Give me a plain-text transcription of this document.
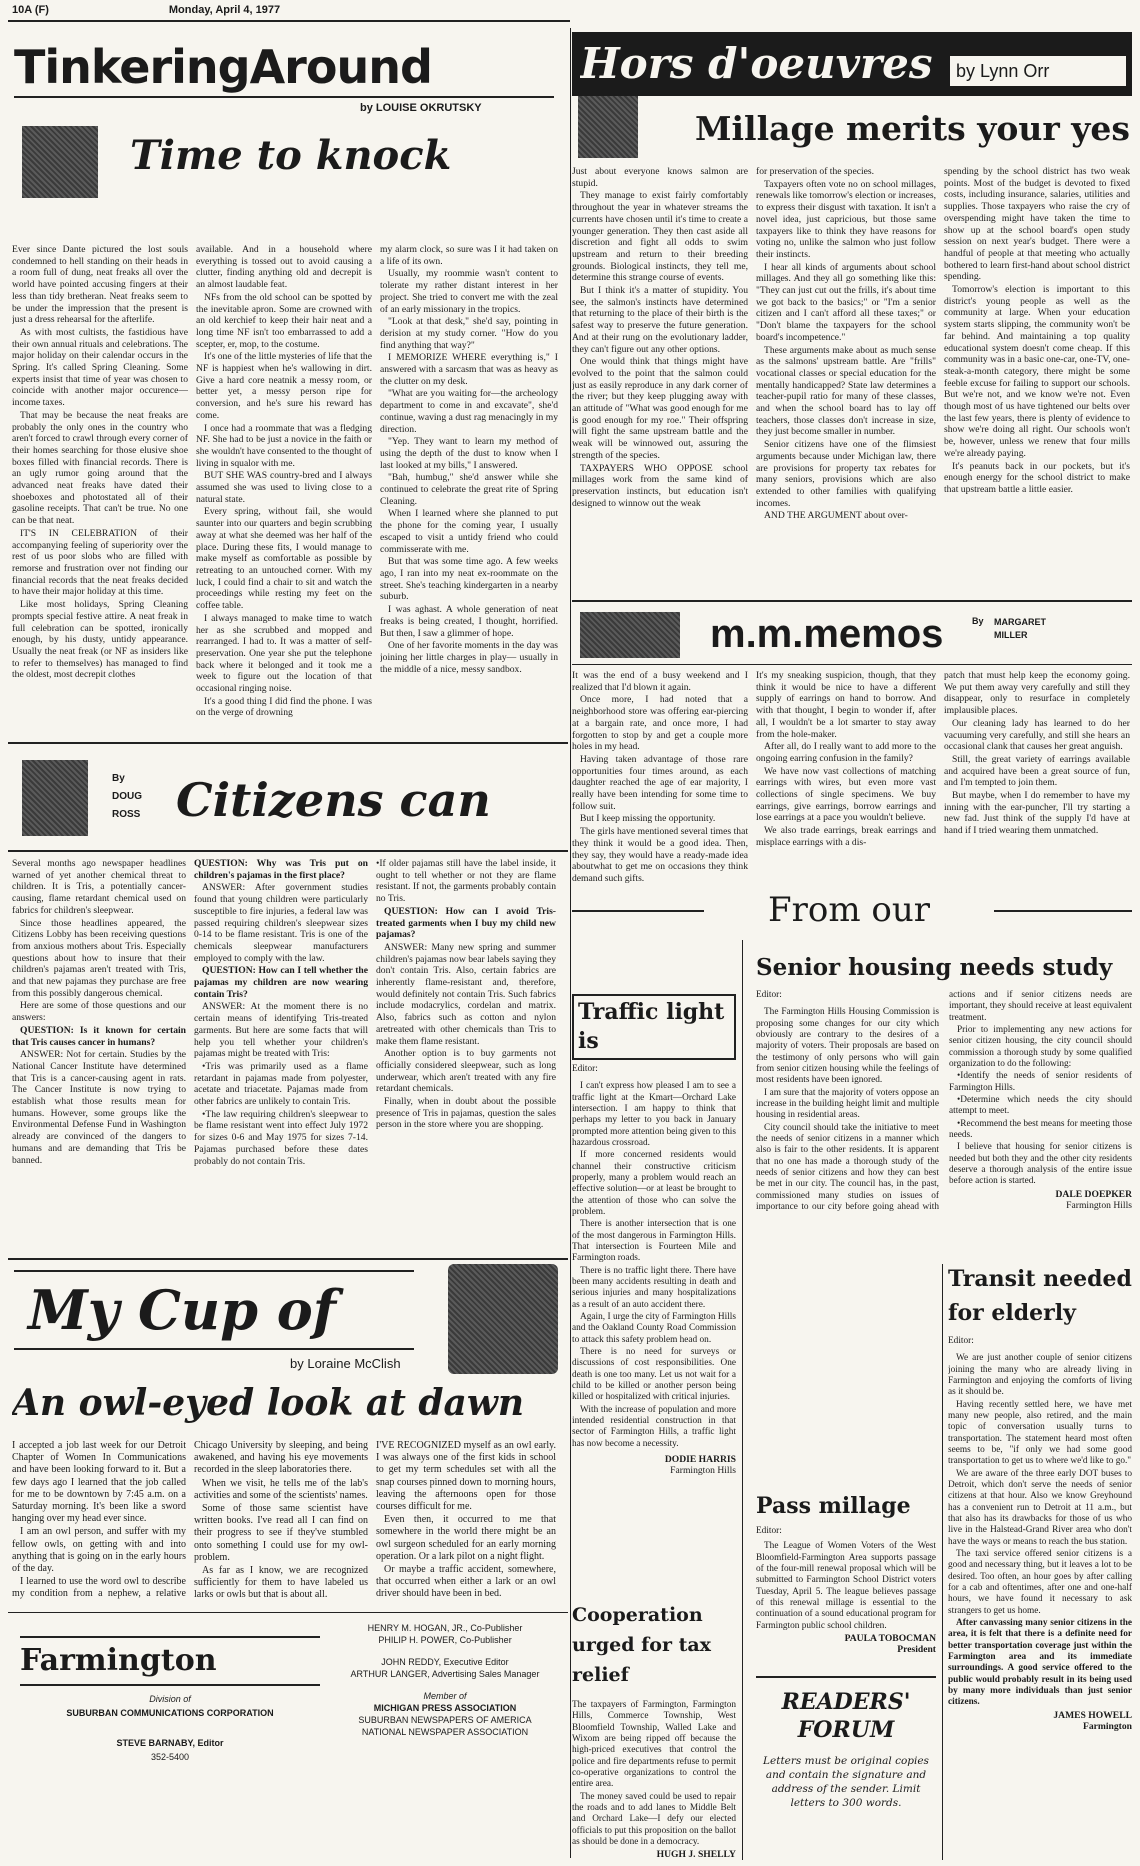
10A (F)	Monday, April 4, 1977
TinkeringAround
by LOUISE OKRUTSKY
Time to knock

Ever since Dante pictured the lost souls condemned to hell standing on their heads in a room full of dung, neat freaks all over the world have pointed accusing fingers at their less than tidy bretheran. Neat freaks seem to be under the impression that the present is just a dress rehearsal for the afterlife.

As with most cultists, the fastidious have their own annual rituals and celebrations. The major holiday on their calendar occurs in the Spring. It's called Spring Cleaning. Some experts insist that time of year was chosen to coincide with another major occurence—income taxes.

That may be because the neat freaks are probably the only ones in the country who aren't forced to crawl through every corner of their homes searching for those elusive shoe boxes filled with financial records. There is an ugly rumor going around that the advanced neat freaks have dated their shoeboxes and photostated all of their gasoline receipts. That can't be true. No one can be that neat.

IT'S IN CELEBRATION of their accompanying feeling of superiority over the rest of us poor slobs who are filled with remorse and frustration over not finding our financial records that the neat freaks decided to have their major holiday at this time.

Like most holidays, Spring Cleaning prompts special festive attire. A neat freak in full celebration can be spotted, ironically enough, by his dusty, untidy appearance. Usually the neat freak (or NF as insiders like to refer to themselves) has managed to find the oldest, most decrepit clothes

available. And in a household where everything is tossed out to avoid causing a clutter, finding anything old and decrepit is an almost laudable feat.

NFs from the old school can be spotted by the inevitable apron. Some are crowned with an old kerchief to keep their hair neat and a long time NF isn't too embarrassed to add a scepter, er, mop, to the costume.

It's one of the little mysteries of life that the NF is happiest when he's wallowing in dirt. Give a hard core neatnik a messy room, or better yet, a messy person ripe for conversion, and he's sure his reward has come.

I once had a roommate that was a fledging NF. She had to be just a novice in the faith or she wouldn't have consented to the thought of living in squalor with me.

BUT SHE WAS country-bred and I always assumed she was used to living close to a natural state.

Every spring, without fail, she would saunter into our quarters and begin scrubbing away at what she deemed was her half of the place. During these fits, I would manage to make myself as comfortable as possible by retreating to an untouched corner. With my luck, I could find a chair to sit and watch the proceedings while resting my feet on the coffee table.

I always managed to make time to watch her as she scrubbed and mopped and rearranged. I had to. It was a matter of self-preservation. One year she put the telephone back where it belonged and it took me a week to figure out the location of that occasional ringing noise.

It's a good thing I did find the phone. I was on the verge of drowning

my alarm clock, so sure was I it had taken on a life of its own.

Usually, my roommie wasn't content to tolerate my rather distant interest in her project. She tried to convert me with the zeal of an early missionary in the tropics.

"Look at that desk," she'd say, pointing in derision at my study corner. "How do you find anything that way?"

I MEMORIZE WHERE everything is," I answered with a sarcasm that was as heavy as the clutter on my desk.

"What are you waiting for—the archeology department to come in and excavate", she'd continue, waving a dust rag menacingly in my direction.

"Yep. They want to learn my method of using the depth of the dust to know when I last looked at my bills," I answered.

"Bah, humbug," she'd answer while she continued to celebrate the great rite of Spring Cleaning.

When I learned where she planned to put the phone for the coming year, I usually escaped to visit a untidy friend who could commisserate with me.

But that was some time ago. A few weeks ago, I ran into my neat ex-roommate on the street. She's teaching kindergarten in a nearby suburb.

I was aghast. A whole generation of neat freaks is being created, I thought, horrified. But then, I saw a glimmer of hope.

One of her favorite moments in the day was joining her little charges in play— usually in the middle of a nice, messy sandbox.

By
DOUG
ROSS Citizens can

Several months ago newspaper headlines warned of yet another chemical threat to children. It is Tris, a potentially cancer-causing, flame retardant chemical used on fabrics for children's sleepwear.

Since those headlines appeared, the Citizens Lobby has been receiving questions from anxious mothers about Tris. Especially questions about how to insure that their children's pajamas aren't treated with Tris, and that new pajamas they purchase are free from this possibly dangerous chemical.

Here are some of those questions and our answers:

QUESTION: Is it known for certain that Tris causes cancer in humans?

ANSWER: Not for certain. Studies by the National Cancer Institute have determined that Tris is a cancer-causing agent in rats. The Cancer Institute is now trying to establish what those results mean for humans. However, some groups like the Environmental Defense Fund in Washington already are convinced of the dangers to humans and are demanding that Tris be banned.

QUESTION: Why was Tris put on children's pajamas in the first place?

ANSWER: After government studies found that young children were particularly susceptible to fire injuries, a federal law was passed requiring children's sleepwear sizes 0-14 to be flame resistant. Tris is one of the chemicals sleepwear manufacturers employed to comply with the law.

QUESTION: How can I tell whether the pajamas my children are now wearing contain Tris?

ANSWER: At the moment there is no certain means of identifying Tris-treated garments. But here are some facts that will help you tell whether your children's pajamas might be treated with Tris:

•Tris was primarily used as a flame retardant in pajamas made from polyester, acetate and triacetate. Pajamas made from other fabrics are unlikely to contain Tris.

•The law requiring children's sleepwear to be flame resistant went into effect July 1972 for sizes 0-6 and May 1975 for sizes 7-14. Pajamas purchased before these dates probably do not contain Tris.

•If older pajamas still have the label inside, it ought to tell whether or not they are flame resistant. If not, the garments probably contain no Tris.

QUESTION: How can I avoid Tris-treated garments when I buy my child new pajamas?

ANSWER: Many new spring and summer children's pajamas now bear labels saying they don't contain Tris. Also, certain fabrics are inherently flame-resistant and, therefore, would definitely not contain Tris. Such fabrics include modacrylics, cordelan and matrix. Also, fabrics such as cotton and nylon aretreated with other chemicals than Tris to make them flame resistant.

Another option is to buy garments not officially considered sleepwear, such as long underwear, which aren't treated with any fire retardant chemicals.

Finally, when in doubt about the possible presence of Tris in pajamas, question the sales person in the store where you are shopping.

My Cup of
by Loraine McClish
An owl-eyed look at dawn

I accepted a job last week for our Detroit Chapter of Women In Communications and have been looking forward to it. But a few days ago I learned that the job called for me to be downtown by 7:45 a.m. on a Saturday morning. It's been like a sword hanging over my head ever since.

I am an owl person, and suffer with my fellow owls, on getting with and into anything that is going on in the early hours of the day.

I learned to use the word owl to describe my condition from a nephew, a relative

Chicago University by sleeping, and being awakened, and having his eye movements recorded in the sleep laboratories there.

When we visit, he tells me of the lab's activities and some of the scientists' names.

Some of those same scientist have written books. I've read all I can find on their progress to see if they've stumbled onto something I could use for my owl-problem.

As far as I know, we are recognized sufficiently for them to have labeled us larks or owls but that is about all.

I'VE RECOGNIZED myself as an owl early. I was always one of the first kids in school to get my term schedules set with all the snap courses pinned down to morning hours, leaving the afternoons open for those courses difficult for me.

Even then, it occurred to me that somewhere in the world there might be an owl surgeon scheduled for an early morning operation. Or a lark pilot on a night flight.

Or maybe a traffic accident, somewhere, that occurred when either a lark or an owl driver should have been in bed.

Farmington
Division of
SUBURBAN COMMUNICATIONS CORPORATION
STEVE BARNABY, Editor
352-5400
HENRY M. HOGAN, JR., Co-Publisher
PHILIP H. POWER, Co-Publisher
JOHN REDDY, Executive Editor
ARTHUR LANGER, Advertising Sales Manager
Member of
MICHIGAN PRESS ASSOCIATION
SUBURBAN NEWSPAPERS OF AMERICA
NATIONAL NEWSPAPER ASSOCIATION
Hors d'oeuvres	by Lynn Orr
Millage merits your yes

Just about everyone knows salmon are stupid.

They manage to exist fairly comfortably throughout the year in whatever streams the currents have chosen until it's time to create a younger generation. They then cast aside all discretion and fight all odds to swim upstream and return to their breeding grounds. Biological instincts, they tell me, determine this strange course of events.

But I think it's a matter of stupidity. You see, the salmon's instincts have determined that returning to the place of their birth is the safest way to preserve the future generation. And at their rung on the evolutionary ladder, they can't figure out any other options.

One would think that things might have evolved to the point that the salmon could just as easily reproduce in any dark corner of the river; but they keep plugging away with an attitude of "What was good enough for me is good enough for my roe." Their offspring will fight the same upstream battle and the weak will be winnowed out, assuring the strength of the species.

TAXPAYERS WHO OPPOSE school millages work from the same kind of preservation instincts, but education isn't designed to winnow out the weak

for preservation of the species.

Taxpayers often vote no on school millages, renewals like tomorrow's election or increases, to express their disgust with taxation. It isn't a novel idea, just capricious, but those same taxpayers like to think they have reasons for voting no, unlike the salmon who just follow their instincts.

I hear all kinds of arguments about school millages. And they all go something like this: "They can just cut out the frills, it's about time we got back to the basics;" or "I'm a senior citizen and I can't afford all these taxes;" or "Don't blame the taxpayers for the school board's incompetence."

These arguments make about as much sense as the salmons' upstream battle. Are "frills" vocational classes or special education for the mentally handicapped? State law determines a teacher-pupil ratio for many of these classes, and when the school board has to lay off teachers, those classes don't increase in size, they just become smaller in number.

Senior citizens have one of the flimsiest arguments because under Michigan law, there are provisions for property tax rebates for many seniors, provisions which are also extended to other families with qualifying incomes.

AND THE ARGUMENT about over-

spending by the school district has two weak points. Most of the budget is devoted to fixed costs, including insurance, salaries, utilities and supplies. Those taxpayers who raise the cry of overspending might have taken the time to show up at the school board's open study session on next year's budget. There were a handful of people at that meeting who actually bothered to learn first-hand about school district spending.

Tomorrow's election is important to this district's young people as well as the community at large. When your education system starts slipping, the community won't be far behind. And maintaining a top quality educational system doesn't come cheap. If this community was in a basic one-car, one-TV, one-steak-a-month category, there might be some feeble excuse for failing to support our schools. But we're not, and we know we're not. Even though most of us have tightened our belts over the last few years, there is plenty of evidence to show we're doing all right. Our schools won't be, however, unless we renew that four mills we're already paying.

It's peanuts back in our pockets, but it's enough energy for the school district to make that upstream battle a little easier.

m.m.memos	By	MARGARET MILLER

It was the end of a busy weekend and I realized that I'd blown it again.

Once more, I had noted that a neighborhood store was offering ear-piercing at a bargain rate, and once more, I had forgotten to stop by and get a couple more holes in my head.

Having taken advantage of those rare opportunities four times around, as each daughter reached the age of ear majority, I really have been intending for some time to follow suit.

But I keep missing the opportunity.

The girls have mentioned several times that they think it would be a good idea. Then, they say, they would have a ready-made idea aboutwhat to get me on occasions they think demand such gifts.

It's my sneaking suspicion, though, that they think it would be nice to have a different supply of earrings on hand to borrow. And with that thought, I begin to wonder if, after all, I wouldn't be a lot smarter to stay away from the hole-maker.

After all, do I really want to add more to the ongoing earring confusion in the family?

We have now vast collections of matching earrings with wires, but even more vast collections of single specimens. We buy earrings, give earrings, borrow earrings and lose earrings at a pace you wouldn't believe.

We also trade earrings, break earrings and misplace earrings with a dis-

patch that must help keep the economy going. We put them away very carefully and still they disappear, only to resurface in completely implausible places.

Our cleaning lady has learned to do her vacuuming very carefully, and still she hears an occasional clank that causes her great anguish.

Still, the great variety of earrings available and acquired have been a great source of fun, and I'm tempted to join them.

But maybe, when I do remember to have my inning with the ear-puncher, I'll try starting a new fad. Just think of the supply I'd have at hand if I tried wearing them unmatched.

From our
Traffic light is

Editor:

I can't express how pleased I am to see a traffic light at the Kmart—Orchard Lake intersection. I am happy to think that perhaps my letter to you back in January prompted more attention being given to this hazardous crossroad.

If more concerned residents would channel their constructive criticism properly, many a problem would reach an effective solution—or at least be brought to the attention of those who can solve the problem.

There is another intersection that is one of the most dangerous in Farmington Hills. That intersection is Fourteen Mile and Farmington roads.

There is no traffic light there. There have been many accidents resulting in death and serious injuries and many hospitalizations as a result of an auto accident there.

Again, I urge the city of Farmington Hills and the Oakland County Road Commission to attack this safety problem head on.

There is no need for surveys or discussions of cost responsibilities. One death is one too many. Let us not wait for a child to be killed or another person being killed or hospitalized with critical injuries.

With the increase of population and more intended residential construction in that sector of Farmington Hills, a traffic light has now become a necessity.

DODIE HARRIS
Farmington Hills
Cooperation urged for tax relief

The taxpayers of Farmington, Farmington Hills, Commerce Township, West Bloomfield Township, Walled Lake and Wixom are being ripped off because the high-priced executives that control the police and fire departments refuse to permit co-operative organizations to control the entire area.

The money saved could be used to repair the roads and to add lanes to Middle Belt and Orchard Lake—I defy our elected officials to put this proposition on the ballot as should be done in a democracy.

HUGH J. SHELLY
Senior housing needs study

Editor:

The Farmington Hills Housing Commission is proposing some changes for our city which obviously are contrary to the desires of a majority of voters. Their proposals are based on the testimony of only persons who will gain from senior citizen housing while the feelings of most residents have been ignored.

I am sure that the majority of voters oppose an increase in the building height limit and multiple housing in residential areas.

City council should take the initiative to meet the needs of senior citizens in a manner which also is fair to the other residents. It is apparent that no one has made a thorough study of the needs of senior citizens and how they can best be met in our city. The council has, in the past, commissioned many studies on issues of importance to our city before going ahead with actions and if senior citizens needs are important, they should receive at least equivalent treatment.

Prior to implementing any new actions for senior citizen housing, the city council should commission a thorough study by some qualified organization to do the following:

•Identify the needs of senior residents of Farmington Hills.

•Determine which needs the city should attempt to meet.

•Recommend the best means for meeting those needs.

I believe that housing for senior citizens is needed but both they and the other city residents deserve a thorough analysis of the entire issue before action is started.

DALE DOEPKER
Farmington Hills
Pass millage

Editor:

The League of Women Voters of the West Bloomfield-Farmington Area supports passage of the four-mill renewal proposal which will be submitted to Farmington School District voters Tuesday, April 5. The league believes passage of this renewal millage is essential to the continuation of a sound educational program for Farmington public school children.

PAULA TOBOCMAN
President
READERS'
FORUM
Letters must be original copies and contain the signature and address of the sender. Limit letters to 300 words.
Transit needed for elderly

Editor:

We are just another couple of senior citizens joining the many who are already living in Farmington and enjoying the comforts of living as it should be.

Having recently settled here, we have met many new people, also retired, and the main topic of conversation usually turns to transportation. The statement heard most often seems to be, "if only we had some good transportation to get us to where we'd like to go."

We are aware of the three early DOT buses to Detroit, which don't serve the needs of senior citizens at that hour. Also we know Greyhound has a convenient run to Detroit at 11 a.m., but that also has its drawbacks for those of us who live in the Halstead-Grand River area who don't have the ways or means to reach the bus station.

The taxi service offered senior citizens is a good and necessary thing, but it leaves a lot to be desired. Too often, an hour goes by after calling for a cab and oftentimes, after one and one-half hours, we have found it necessary to ask strangers to get us home.

After canvassing many senior citizens in the area, it is felt that there is a definite need for better transportation coverage just within the Farmington area and its immediate surroundings. A good service offered to the public would probably result in its being used by many more individuals than just senior citizens.

JAMES HOWELL
Farmington
